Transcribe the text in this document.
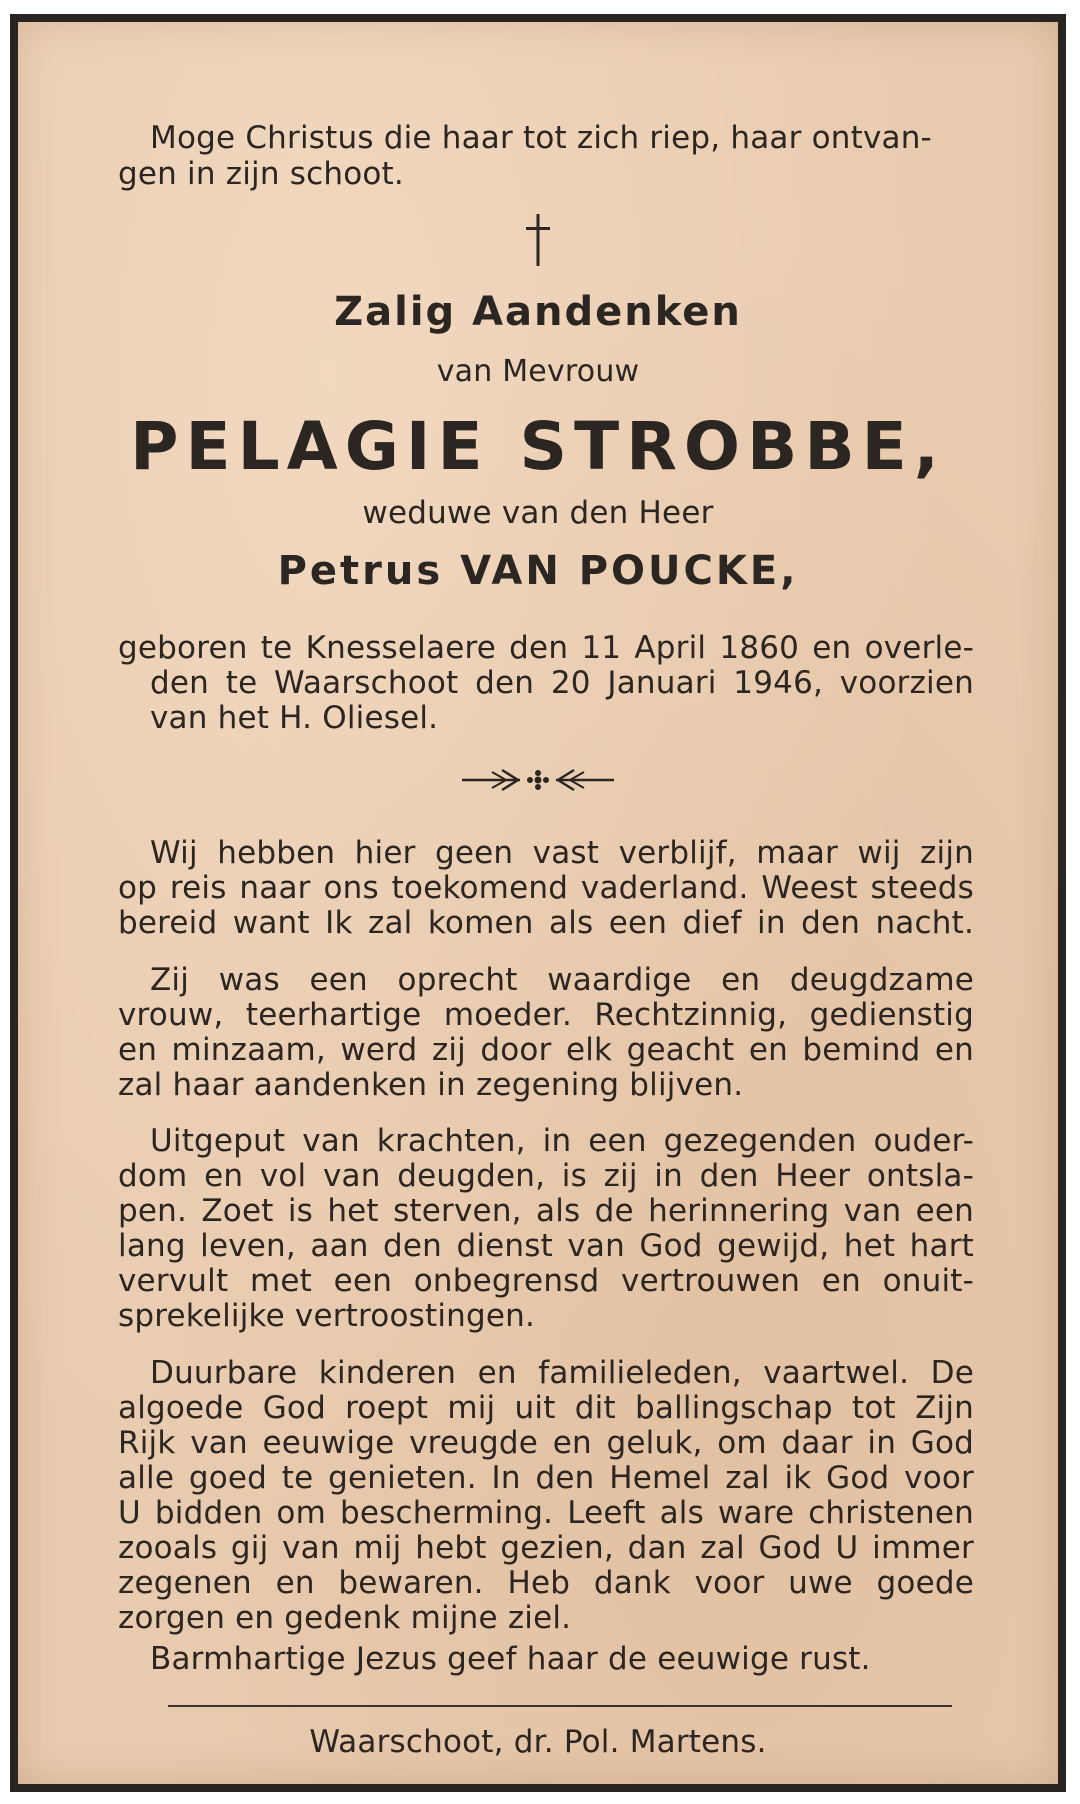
Moge Christus die haar tot zich riep, haar ontvan-
gen in zijn schoot.
Zalig Aandenken
van Mevrouw
PELAGIE STROBBE,
weduwe van den Heer
Petrus VAN POUCKE,
geboren te Knesselaere den 11 April 1860 en overle-
den te Waarschoot den 20 Januari 1946, voorzien
van het H. Oliesel.
Wij hebben hier geen vast verblijf, maar wij zijn
op reis naar ons toekomend vaderland. Weest steeds
bereid want Ik zal komen als een dief in den nacht.
Zij was een oprecht waardige en deugdzame
vrouw, teerhartige moeder. Rechtzinnig, gedienstig
en minzaam, werd zij door elk geacht en bemind en
zal haar aandenken in zegening blijven.
Uitgeput van krachten, in een gezegenden ouder-
dom en vol van deugden, is zij in den Heer ontsla-
pen. Zoet is het sterven, als de herinnering van een
lang leven, aan den dienst van God gewijd, het hart
vervult met een onbegrensd vertrouwen en onuit-
sprekelijke vertroostingen.
Duurbare kinderen en familieleden, vaartwel. De
algoede God roept mij uit dit ballingschap tot Zijn
Rijk van eeuwige vreugde en geluk, om daar in God
alle goed te genieten. In den Hemel zal ik God voor
U bidden om bescherming. Leeft als ware christenen
zooals gij van mij hebt gezien, dan zal God U immer
zegenen en bewaren. Heb dank voor uwe goede
zorgen en gedenk mijne ziel.
Barmhartige Jezus geef haar de eeuwige rust.
Waarschoot, dr. Pol. Martens.
